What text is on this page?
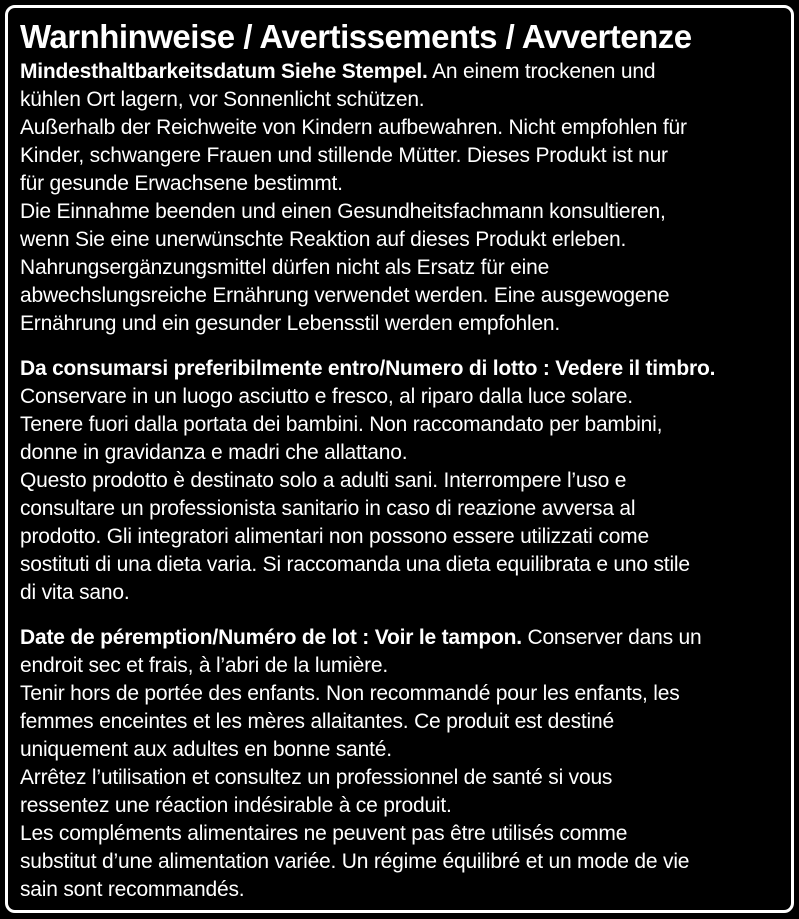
Warnhinweise / Avertissements / Avvertenze
Mindesthaltbarkeitsdatum Siehe Stempel. An einem trockenen und
kühlen Ort lagern, vor Sonnenlicht schützen.
Außerhalb der Reichweite von Kindern aufbewahren. Nicht empfohlen für
Kinder, schwangere Frauen und stillende Mütter. Dieses Produkt ist nur
für gesunde Erwachsene bestimmt.
Die Einnahme beenden und einen Gesundheitsfachmann konsultieren,
wenn Sie eine unerwünschte Reaktion auf dieses Produkt erleben.
Nahrungsergänzungsmittel dürfen nicht als Ersatz für eine
abwechslungsreiche Ernährung verwendet werden. Eine ausgewogene
Ernährung und ein gesunder Lebensstil werden empfohlen.
Da consumarsi preferibilmente entro/Numero di lotto : Vedere il timbro.
Conservare in un luogo asciutto e fresco, al riparo dalla luce solare.
Tenere fuori dalla portata dei bambini. Non raccomandato per bambini,
donne in gravidanza e madri che allattano.
Questo prodotto è destinato solo a adulti sani. Interrompere l’uso e
consultare un professionista sanitario in caso di reazione avversa al
prodotto. Gli integratori alimentari non possono essere utilizzati come
sostituti di una dieta varia. Si raccomanda una dieta equilibrata e uno stile
di vita sano.
Date de péremption/Numéro de lot : Voir le tampon. Conserver dans un
endroit sec et frais, à l’abri de la lumière.
Tenir hors de portée des enfants. Non recommandé pour les enfants, les
femmes enceintes et les mères allaitantes. Ce produit est destiné
uniquement aux adultes en bonne santé.
Arrêtez l’utilisation et consultez un professionnel de santé si vous
ressentez une réaction indésirable à ce produit.
Les compléments alimentaires ne peuvent pas être utilisés comme
substitut d’une alimentation variée. Un régime équilibré et un mode de vie
sain sont recommandés.
